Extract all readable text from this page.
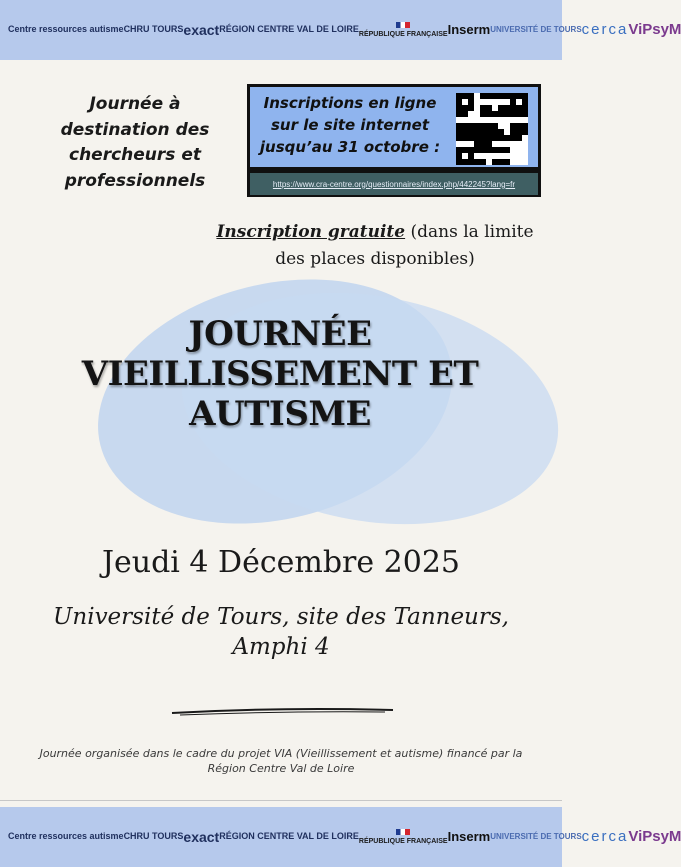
Centre ressources autisme CHRU TOURS exact RÉGION CENTRE VAL DE LOIRE RÉPUBLIQUE FRANÇAISE Inserm UNIVERSITÉ DE TOURS cerca ViPsyM
Journée à destination des chercheurs et professionnels
Inscriptions en ligne sur le site internet jusqu’au 31 octobre :
https://www.cra-centre.org/questionnaires/index.php/442245?lang=fr
Inscription gratuite (dans la limite des places disponibles)
JOURNÉE VIEILLISSEMENT ET AUTISME
Jeudi 4 Décembre 2025
Université de Tours, site des Tanneurs, Amphi 4
Journée organisée dans le cadre du projet VIA (Vieillissement et autisme) financé par la Région Centre Val de Loire
Centre ressources autisme CHRU TOURS exact RÉGION CENTRE VAL DE LOIRE RÉPUBLIQUE FRANÇAISE Inserm UNIVERSITÉ DE TOURS cerca ViPsyM
